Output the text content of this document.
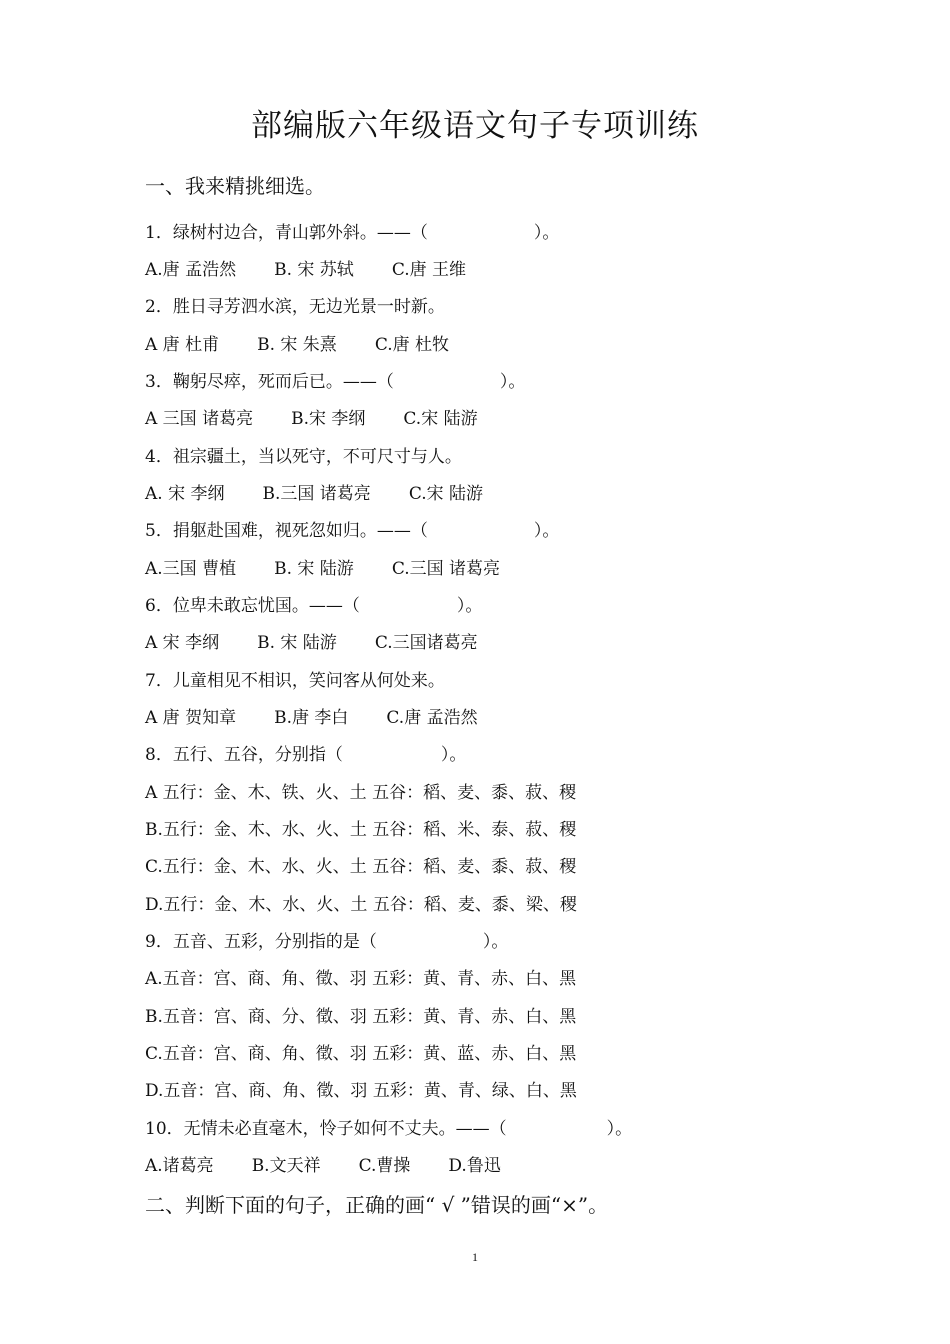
部编版六年级语文句子专项训练
一、我来精挑细选。
1．绿树村边合，青山郭外斜。——（	）。
A.唐 孟浩然 B. 宋 苏轼 C.唐 王维
2．胜日寻芳泗水滨，无边光景一时新。
A 唐 杜甫 B. 宋 朱熹 C.唐 杜牧
3．鞠躬尽瘁，死而后已。——（	）。
A 三国 诸葛亮 B.宋 李纲 C.宋 陆游
4．祖宗疆土，当以死守，不可尺寸与人。
A. 宋 李纲 B.三国 诸葛亮 C.宋 陆游
5．捐躯赴国难，视死忽如归。——（	）。
A.三国 曹植 B. 宋 陆游 C.三国 诸葛亮
6．位卑未敢忘忧国。——（	）。
A 宋 李纲 B. 宋 陆游 C.三国诸葛亮
7．儿童相见不相识，笑问客从何处来。
A 唐 贺知章 B.唐 李白 C.唐 孟浩然
8．五行、五谷，分别指（	）。
A 五行：金、木、铁、火、土 五谷：稻、麦、黍、菽、稷
B.五行：金、木、水、火、土 五谷：稻、米、泰、菽、稷
C.五行：金、木、水、火、土 五谷：稻、麦、黍、菽、稷
D.五行：金、木、水、火、土 五谷：稻、麦、黍、梁、稷
9．五音、五彩，分别指的是（	）。
A.五音：宫、商、角、徵、羽 五彩：黄、青、赤、白、黑
B.五音：宫、商、分、徵、羽 五彩：黄、青、赤、白、黑
C.五音：宫、商、角、徵、羽 五彩：黄、蓝、赤、白、黑
D.五音：宫、商、角、徵、羽 五彩：黄、青、绿、白、黑
10．无情未必直毫木，怜子如何不丈夫。——（	）。
A.诸葛亮 B.文天祥 C.曹操 D.鲁迅
二、判断下面的句子，正确的画“ √ ”错误的画“×”。
1
